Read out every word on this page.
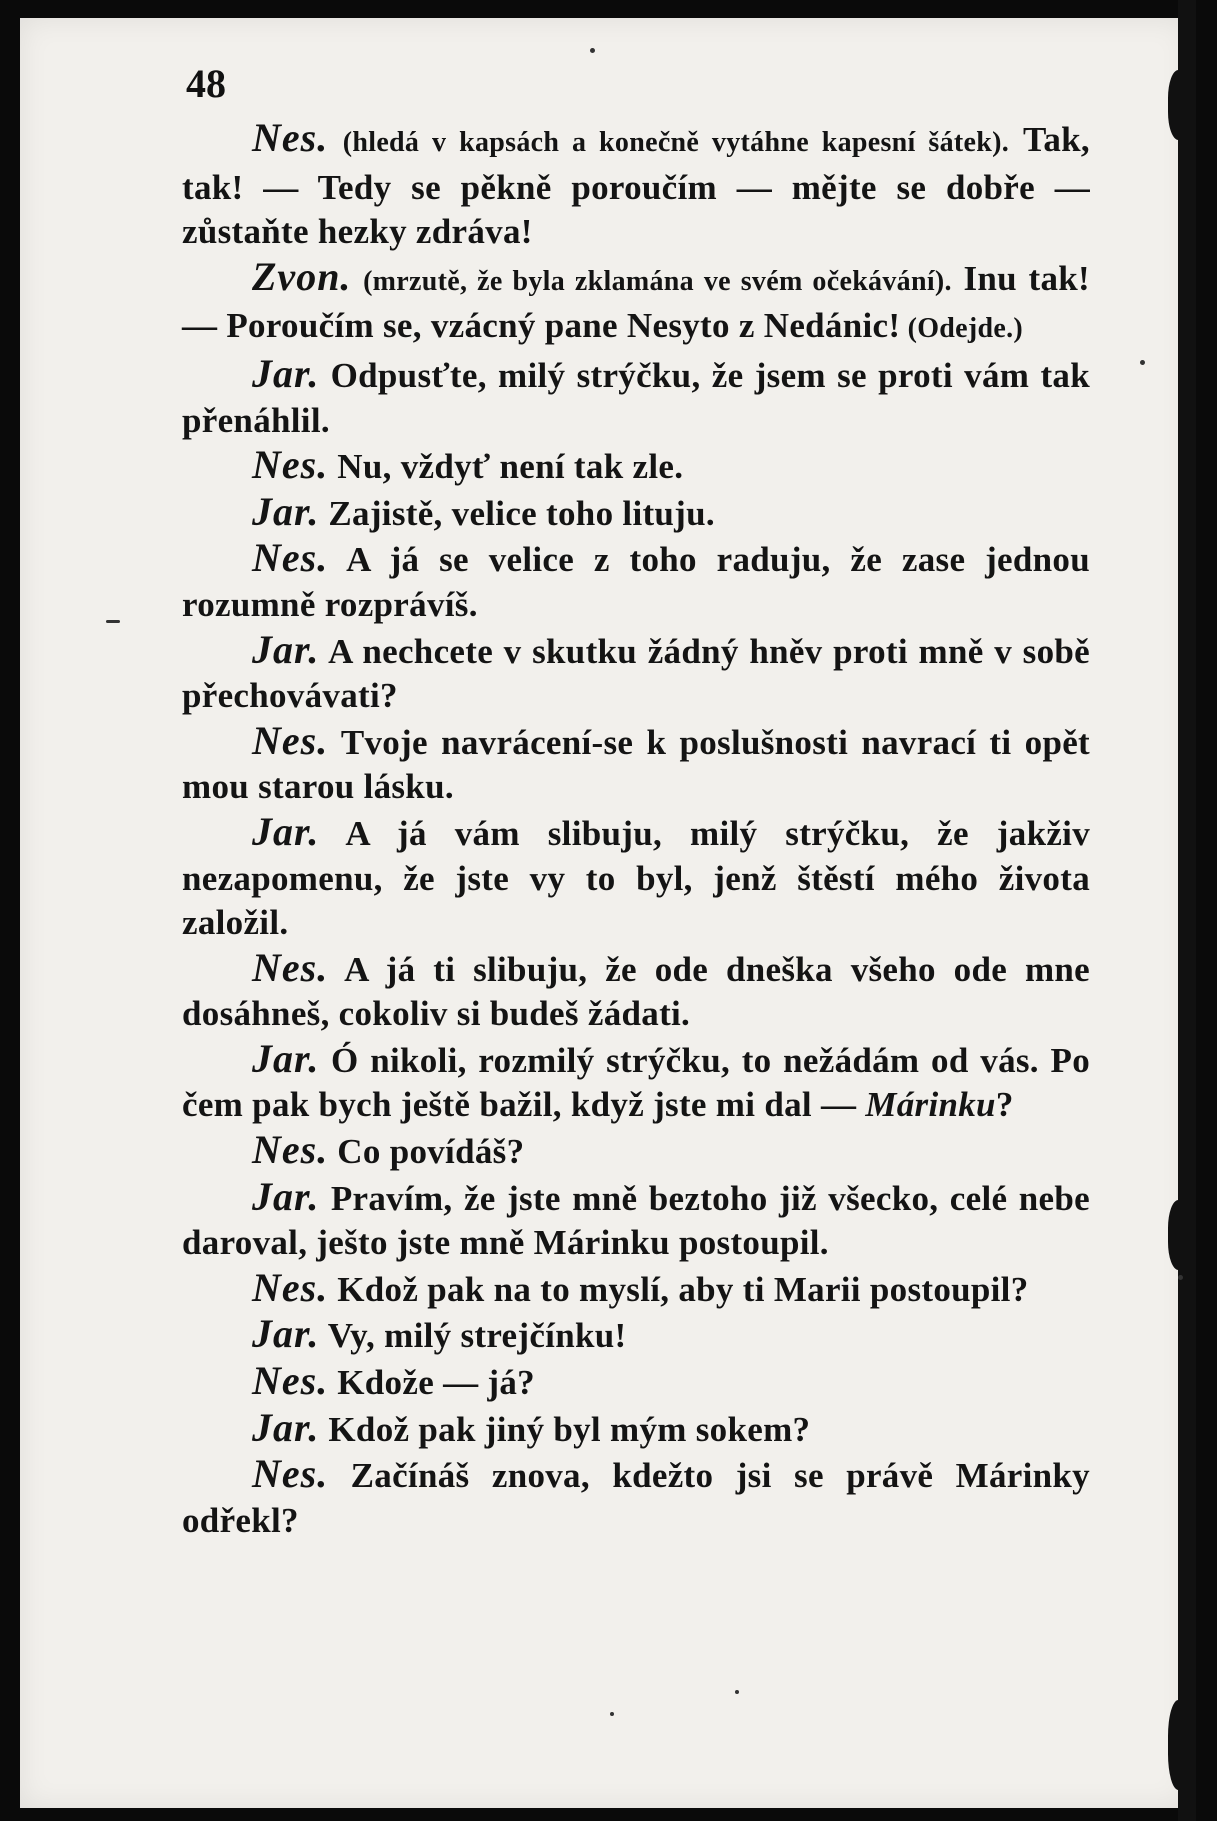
48

Nes. (hledá v kapsách a konečně vytáhne kapesní šátek). Tak, tak! — Tedy se pěkně poroučím — mějte se dobře — zůstaňte hezky zdráva!

Zvon. (mrzutě, že byla zklamána ve svém očekávání). Inu tak! — Poroučím se, vzácný pane Nesyto z Nedánic! (Odejde.)

Jar. Odpusťte, milý strýčku, že jsem se proti vám tak přenáhlil.

Nes. Nu, vždyť není tak zle.

Jar. Zajistě, velice toho lituju.

Nes. A já se velice z toho raduju, že zase jednou rozumně rozprávíš.

Jar. A nechcete v skutku žádný hněv proti mně v sobě přechovávati?

Nes. Tvoje navrácení-se k poslušnosti navrací ti opět mou starou lásku.

Jar. A já vám slibuju, milý strýčku, že jakživ nezapomenu, že jste vy to byl, jenž štěstí mého života založil.

Nes. A já ti slibuju, že ode dneška všeho ode mne dosáhneš, cokoliv si budeš žádati.

Jar. Ó nikoli, rozmilý strýčku, to nežádám od vás. Po čem pak bych ještě bažil, když jste mi dal — Márinku?

Nes. Co povídáš?

Jar. Pravím, že jste mně beztoho již všecko, celé nebe daroval, ješto jste mně Márinku postoupil.

Nes. Kdož pak na to myslí, aby ti Marii postoupil?

Jar. Vy, milý strejčínku!

Nes. Kdože — já?

Jar. Kdož pak jiný byl mým sokem?

Nes. Začínáš znova, kdežto jsi se právě Márinky odřekl?
